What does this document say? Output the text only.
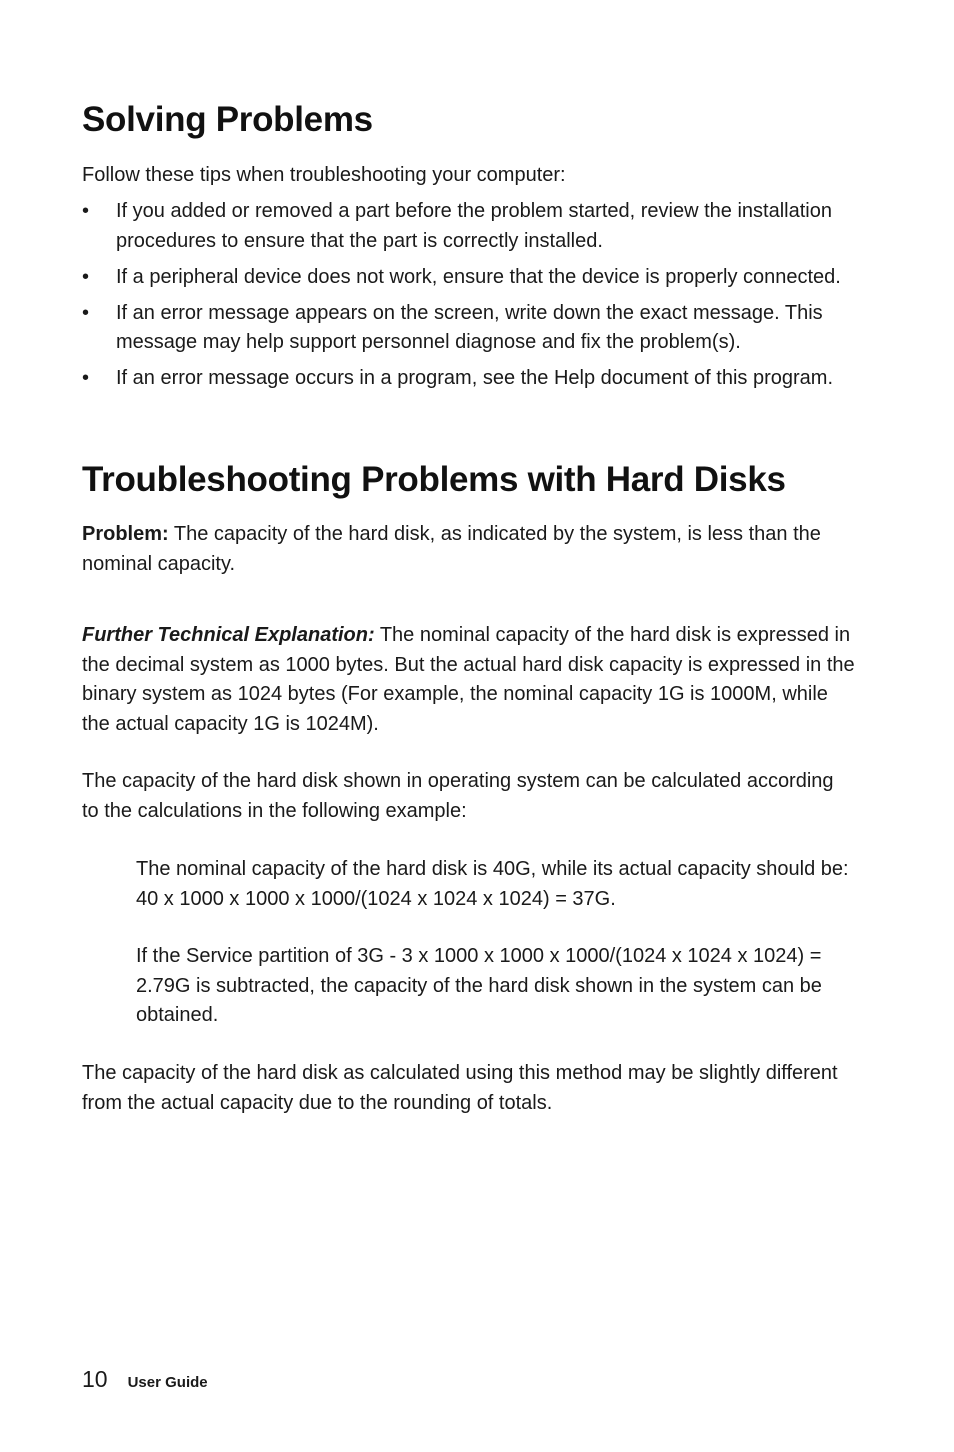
Solving Problems

Follow these tips when troubleshooting your computer:

• If you added or removed a part before the problem started, review the installation procedures to ensure that the part is correctly installed.
• If a peripheral device does not work, ensure that the device is properly connected.
• If an error message appears on the screen, write down the exact message. This message may help support personnel diagnose and fix the problem(s).
• If an error message occurs in a program, see the Help document of this program.
Troubleshooting Problems with Hard Disks

Problem: The capacity of the hard disk, as indicated by the system, is less than the nominal capacity.

Further Technical Explanation: The nominal capacity of the hard disk is expressed in the decimal system as 1000 bytes. But the actual hard disk capacity is expressed in the binary system as 1024 bytes (For example, the nominal capacity 1G is 1000M, while the actual capacity 1G is 1024M).

The capacity of the hard disk shown in operating system can be calculated according to the calculations in the following example:

The nominal capacity of the hard disk is 40G, while its actual capacity should be: 40 x 1000 x 1000 x 1000/(1024 x 1024 x 1024) = 37G.

If the Service partition of 3G - 3 x 1000 x 1000 x 1000/(1024 x 1024 x 1024) = 2.79G is subtracted, the capacity of the hard disk shown in the system can be obtained.

The capacity of the hard disk as calculated using this method may be slightly different from the actual capacity due to the rounding of totals.

10 User Guide
